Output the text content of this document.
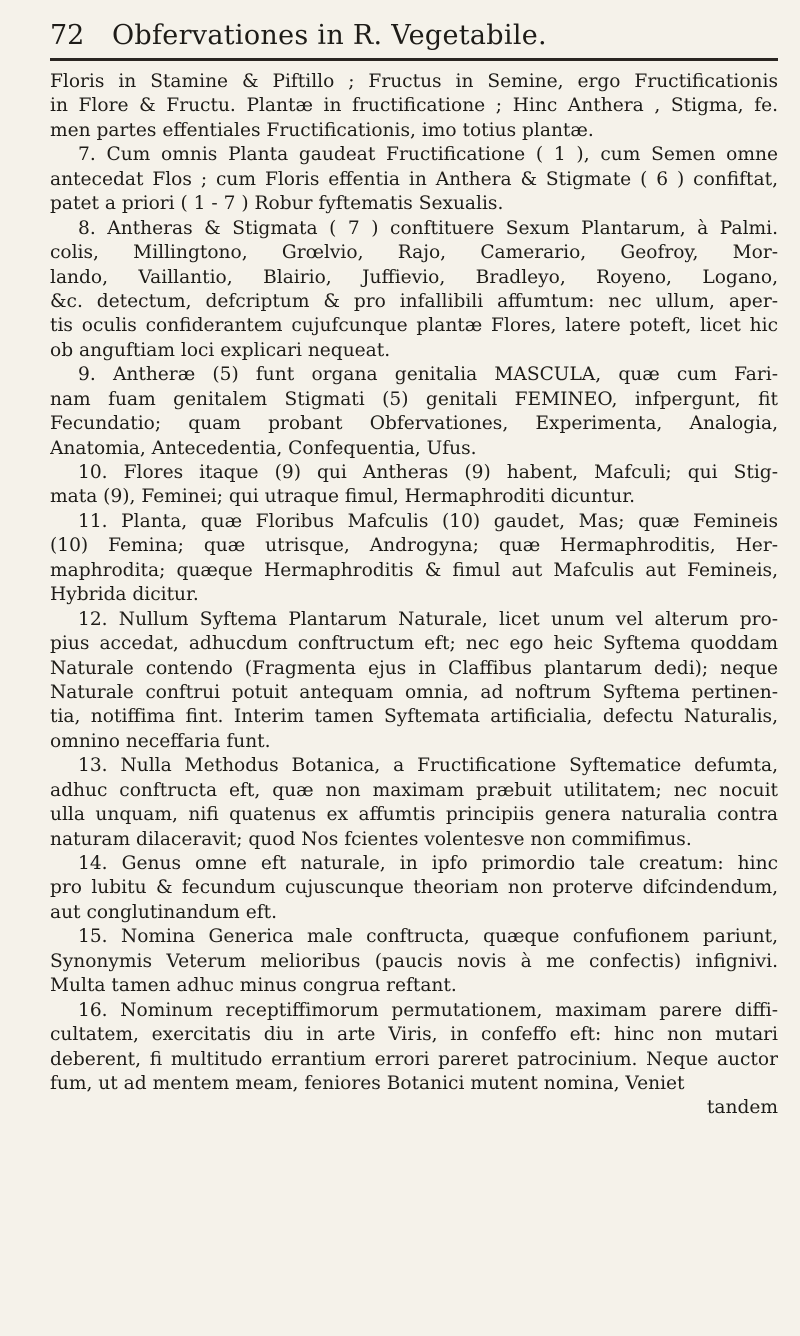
72 Obfervationes in R. Vegetabile.
Floris in Stamine & Piftillo ; Fructus in Semine, ergo Fructificationis
in Flore & Fructu. Plantæ in fructificatione ; Hinc Anthera , Stigma, fe.
men partes effentiales Fructificationis, imo totius plantæ.
7. Cum omnis Planta gaudeat Fructificatione ( 1 ), cum Semen omne
antecedat Flos ; cum Floris effentia in Anthera & Stigmate ( 6 ) confiftat,
patet a priori ( 1 - 7 ) Robur fyftematis Sexualis.
8. Antheras & Stigmata ( 7 ) conftituere Sexum Plantarum, à Palmi.
colis, Millingtono, Grœlvio, Rajo, Camerario, Geofroy, Mor-
lando, Vaillantio, Blairio, Juffievio, Bradleyo, Royeno, Logano,
&c. detectum, defcriptum & pro infallibili affumtum: nec ullum, aper-
tis oculis confiderantem cujufcunque plantæ Flores, latere poteft, licet hic
ob anguftiam loci explicari nequeat.
9. Antheræ (5) funt organa genitalia MASCULA, quæ cum Fari-
nam fuam genitalem Stigmati (5) genitali FEMINEO, infpergunt, fit
Fecundatio; quam probant Obfervationes, Experimenta, Analogia,
Anatomia, Antecedentia, Confequentia, Ufus.
10. Flores itaque (9) qui Antheras (9) habent, Mafculi; qui Stig-
mata (9), Feminei; qui utraque fimul, Hermaphroditi dicuntur.
11. Planta, quæ Floribus Mafculis (10) gaudet, Mas; quæ Femineis
(10) Femina; quæ utrisque, Androgyna; quæ Hermaphroditis, Her-
maphrodita; quæque Hermaphroditis & fimul aut Mafculis aut Femineis,
Hybrida dicitur.
12. Nullum Syftema Plantarum Naturale, licet unum vel alterum pro-
pius accedat, adhucdum conftructum eft; nec ego heic Syftema quoddam
Naturale contendo (Fragmenta ejus in Claffibus plantarum dedi); neque
Naturale conftrui potuit antequam omnia, ad noftrum Syftema pertinen-
tia, notiffima fint. Interim tamen Syftemata artificialia, defectu Naturalis,
omnino neceffaria funt.
13. Nulla Methodus Botanica, a Fructificatione Syftematice defumta,
adhuc conftructa eft, quæ non maximam præbuit utilitatem; nec nocuit
ulla unquam, nifi quatenus ex affumtis principiis genera naturalia contra
naturam dilaceravit; quod Nos fcientes volentesve non commifimus.
14. Genus omne eft naturale, in ipfo primordio tale creatum: hinc
pro lubitu & fecundum cujuscunque theoriam non proterve difcindendum,
aut conglutinandum eft.
15. Nomina Generica male conftructa, quæque confufionem pariunt,
Synonymis Veterum melioribus (paucis novis à me confectis) infignivi.
Multa tamen adhuc minus congrua reftant.
16. Nominum receptiffimorum permutationem, maximam parere diffi-
cultatem, exercitatis diu in arte Viris, in confeffo eft: hinc non mutari
deberent, fi multitudo errantium errori pareret patrocinium. Neque auctor
fum, ut ad mentem meam, feniores Botanici mutent nomina, Veniet
tandem
